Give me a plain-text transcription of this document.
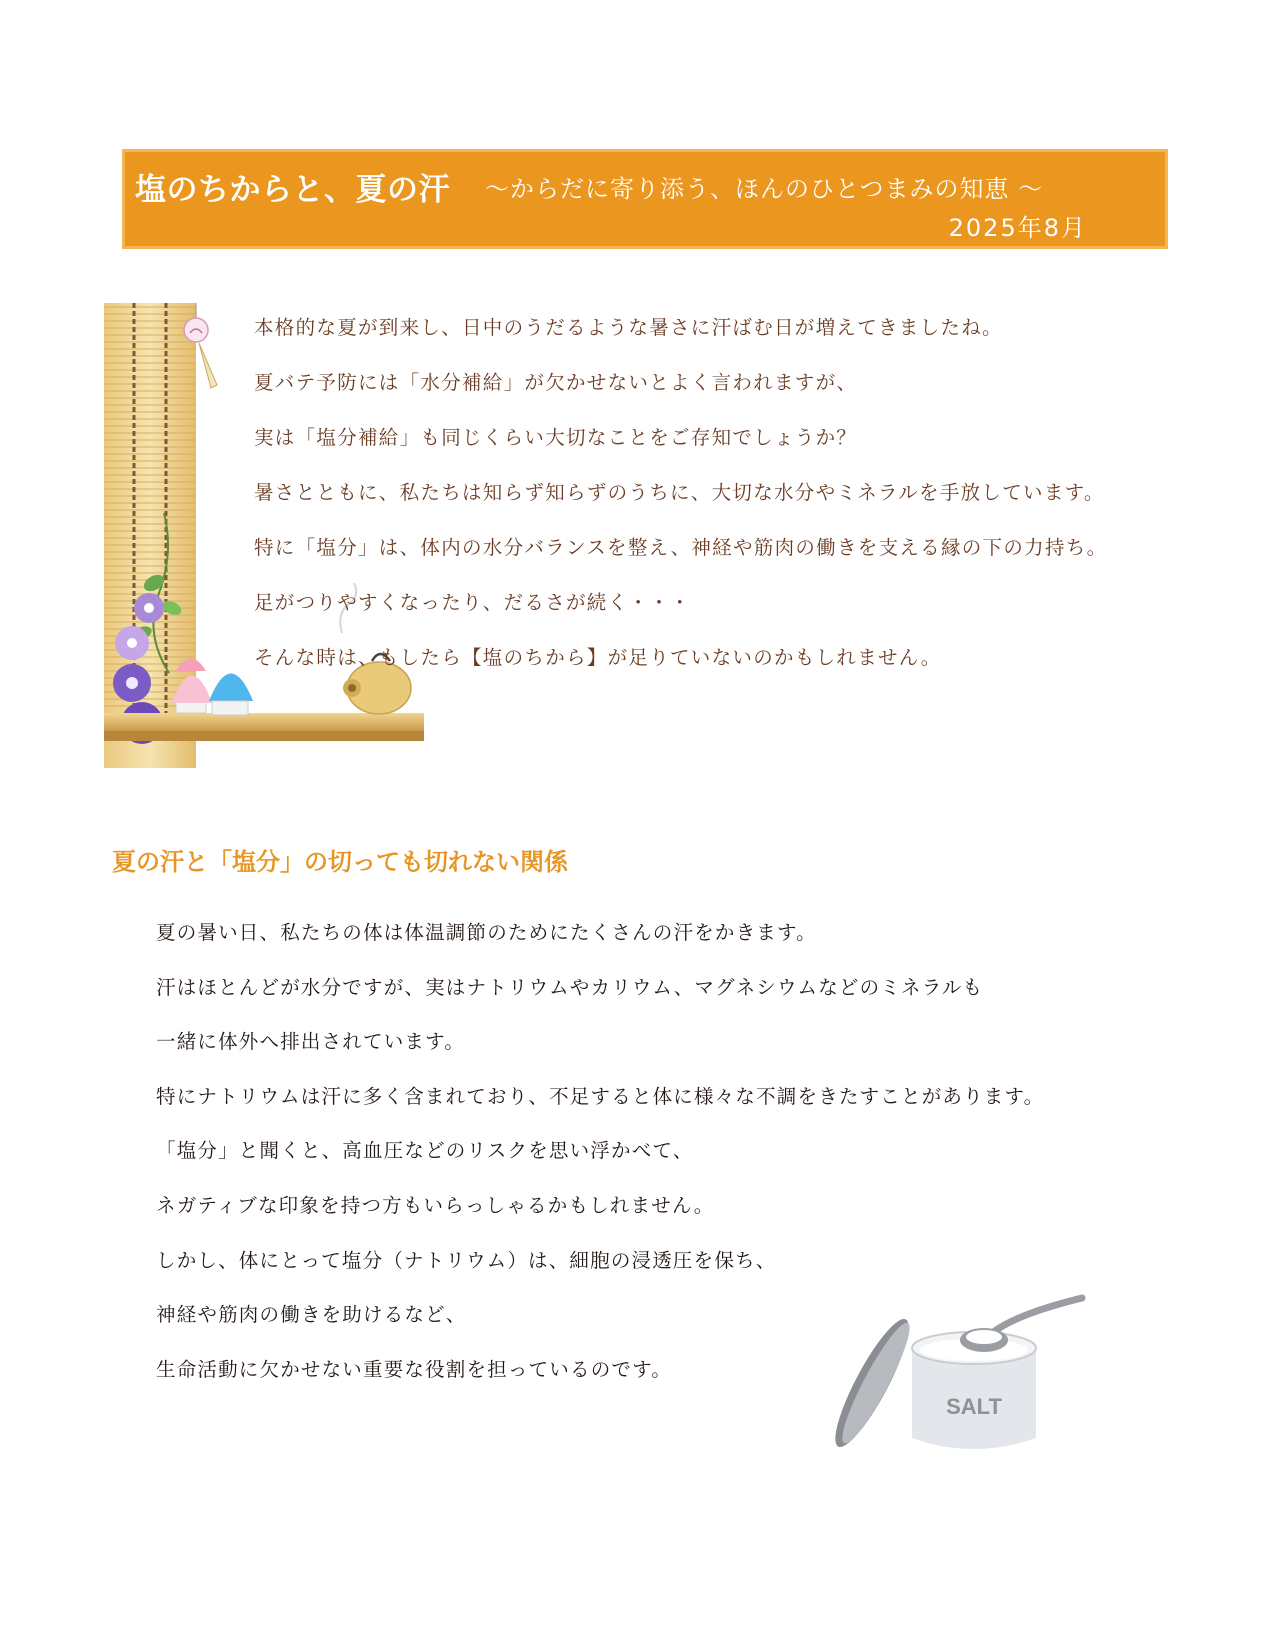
塩のちからと、夏の汗 ～からだに寄り添う、ほんのひとつまみの知恵 ～
2025年8月
本格的な夏が到来し、日中のうだるような暑さに汗ばむ日が増えてきましたね。
夏バテ予防には「水分補給」が欠かせないとよく言われますが、
実は「塩分補給」も同じくらい大切なことをご存知でしょうか？
暑さとともに、私たちは知らず知らずのうちに、大切な水分やミネラルを手放しています。
特に「塩分」は、体内の水分バランスを整え、神経や筋肉の働きを支える縁の下の力持ち。
足がつりやすくなったり、だるさが続く・・・
そんな時は、もしたら【塩のちから】が足りていないのかもしれません。
夏の汗と「塩分」の切っても切れない関係
夏の暑い日、私たちの体は体温調節のためにたくさんの汗をかきます。
汗はほとんどが水分ですが、実はナトリウムやカリウム、マグネシウムなどのミネラルも
一緒に体外へ排出されています。
特にナトリウムは汗に多く含まれており、不足すると体に様々な不調をきたすことがあります。
「塩分」と聞くと、高血圧などのリスクを思い浮かべて、
ネガティブな印象を持つ方もいらっしゃるかもしれません。
しかし、体にとって塩分（ナトリウム）は、細胞の浸透圧を保ち、
神経や筋肉の働きを助けるなど、
生命活動に欠かせない重要な役割を担っているのです。
SALT
